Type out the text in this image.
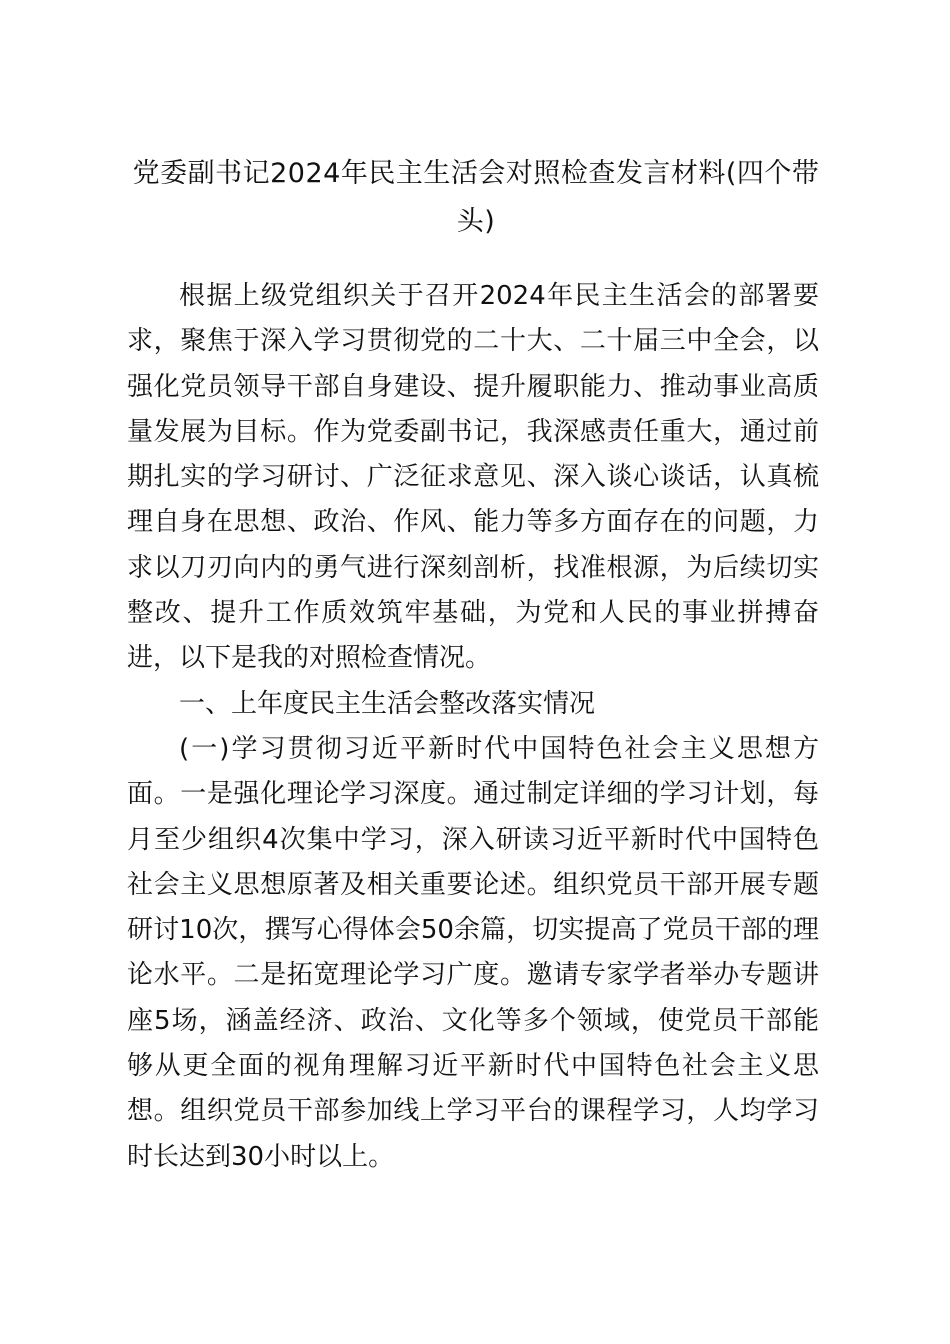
党委副书记2024年民主生活会对照检查发言材料(四个带头)

根据上级党组织关于召开2024年民主生活会的部署要求，聚焦于深入学习贯彻党的二十大、二十届三中全会，以强化党员领导干部自身建设、提升履职能力、推动事业高质量发展为目标。作为党委副书记，我深感责任重大，通过前期扎实的学习研讨、广泛征求意见、深入谈心谈话，认真梳理自身在思想、政治、作风、能力等多方面存在的问题，力求以刀刃向内的勇气进行深刻剖析，找准根源，为后续切实整改、提升工作质效筑牢基础，为党和人民的事业拼搏奋进，以下是我的对照检查情况。

一、上年度民主生活会整改落实情况

(一)学习贯彻习近平新时代中国特色社会主义思想方面。一是强化理论学习深度。通过制定详细的学习计划，每月至少组织4次集中学习，深入研读习近平新时代中国特色社会主义思想原著及相关重要论述。组织党员干部开展专题研讨10次，撰写心得体会50余篇，切实提高了党员干部的理论水平。二是拓宽理论学习广度。邀请专家学者举办专题讲座5场，涵盖经济、政治、文化等多个领域，使党员干部能够从更全面的视角理解习近平新时代中国特色社会主义思想。组织党员干部参加线上学习平台的课程学习，人均学习时长达到30小时以上。
